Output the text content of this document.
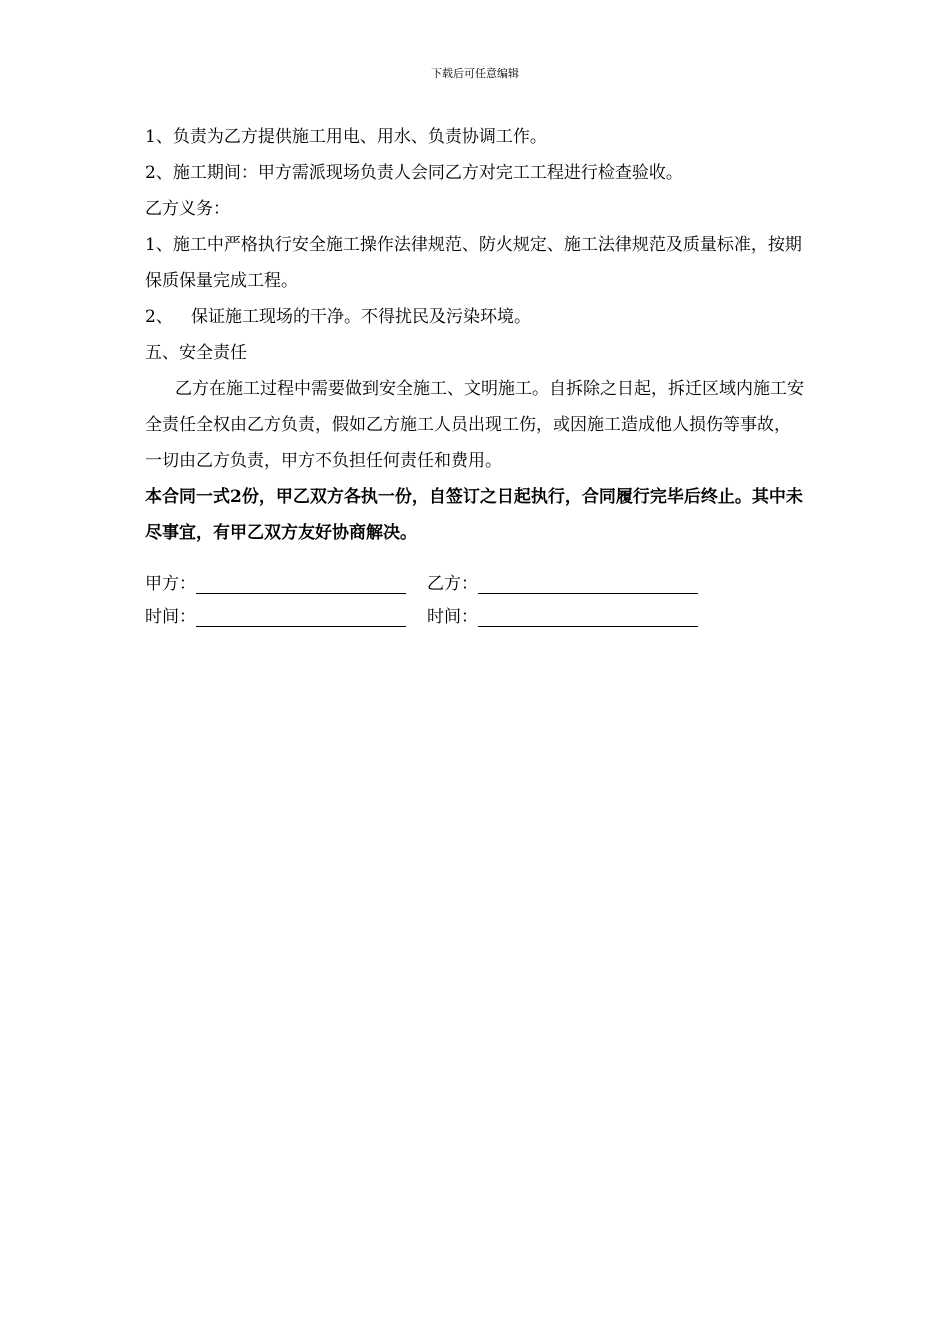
下载后可任意编辑

1、负责为乙方提供施工用电、用水、负责协调工作。

2、施工期间：甲方需派现场负责人会同乙方对完工工程进行检查验收。

乙方义务：

1、施工中严格执行安全施工操作法律规范、防火规定、施工法律规范及质量标准，按期保质保量完成工程。

2、 保证施工现场的干净。不得扰民及污染环境。

五、安全责任

乙方在施工过程中需要做到安全施工、文明施工。自拆除之日起，拆迁区域内施工安全责任全权由乙方负责，假如乙方施工人员出现工伤，或因施工造成他人损伤等事故，一切由乙方负责，甲方不负担任何责任和费用。

本合同一式2份，甲乙双方各执一份，自签订之日起执行，合同履行完毕后终止。其中未尽事宜，有甲乙双方友好协商解决。

甲方：	乙方：
时间：	时间：
